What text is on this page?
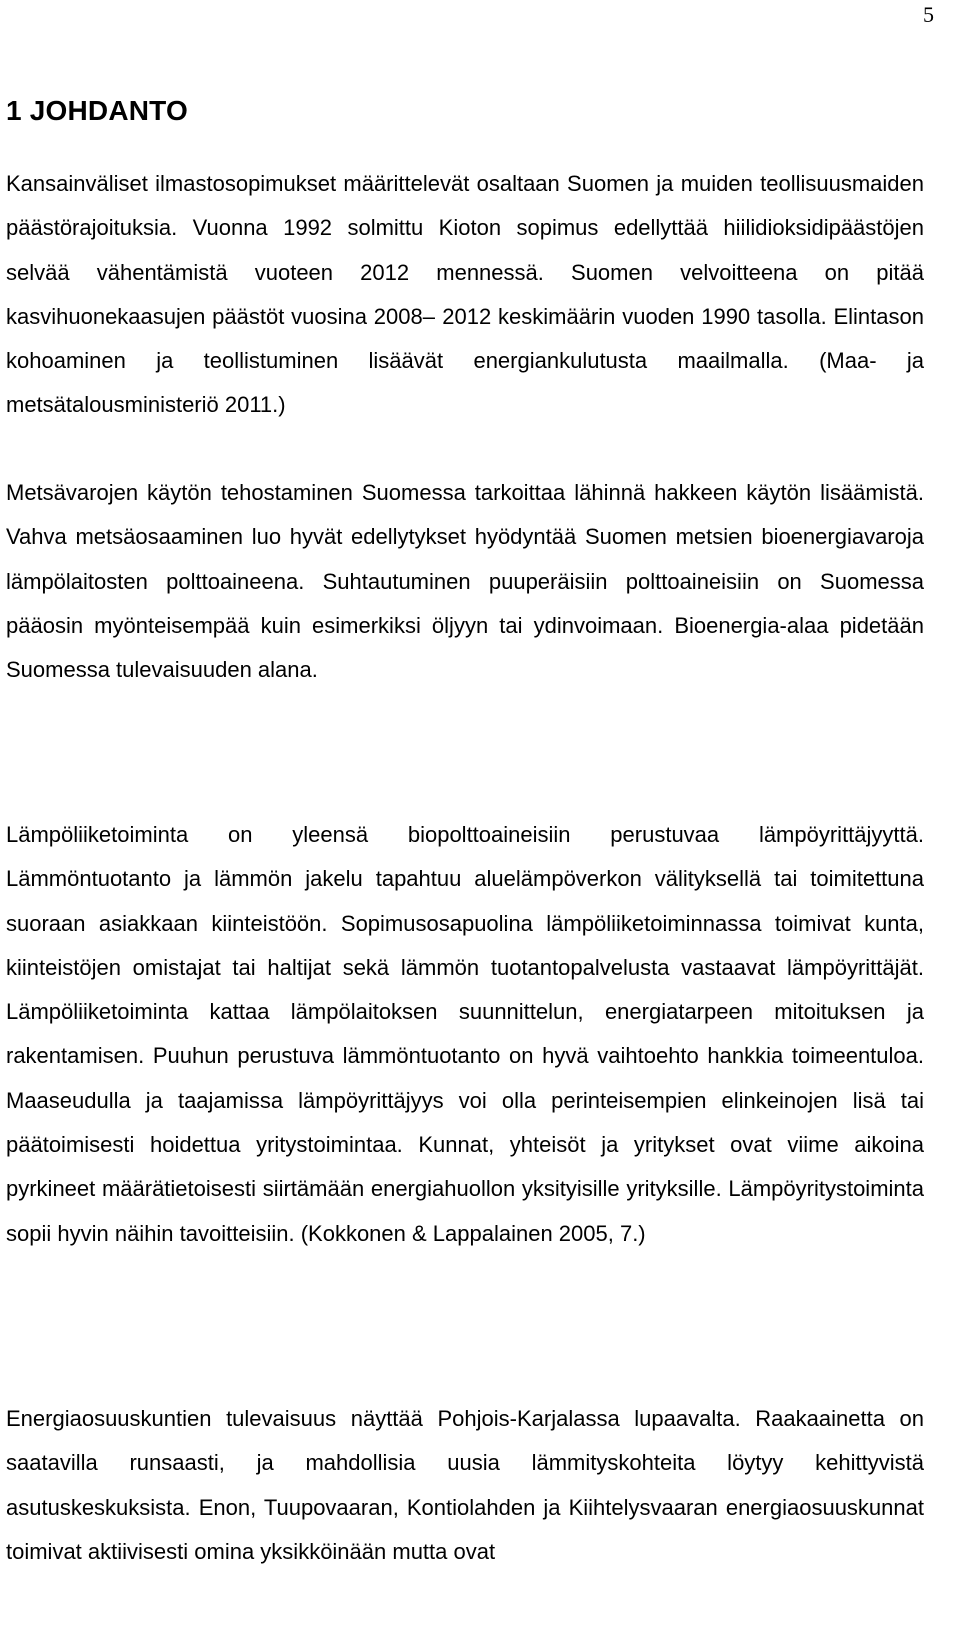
5
1 JOHDANTO

Kansainväliset ilmastosopimukset määrittelevät osaltaan Suomen ja muiden teollisuusmaiden päästörajoituksia. Vuonna 1992 solmittu Kioton sopimus edellyttää hiilidioksidipäästöjen selvää vähentämistä vuoteen 2012 mennessä. Suomen velvoitteena on pitää kasvihuonekaasujen päästöt vuosina 2008– 2012 keskimäärin vuoden 1990 tasolla. Elintason kohoaminen ja teollistuminen lisäävät energiankulutusta maailmalla. (Maa- ja metsätalousministeriö 2011.)

Metsävarojen käytön tehostaminen Suomessa tarkoittaa lähinnä hakkeen käytön lisäämistä. Vahva metsäosaaminen luo hyvät edellytykset hyödyntää Suomen metsien bioenergiavaroja lämpölaitosten polttoaineena. Suhtautuminen puuperäisiin polttoaineisiin on Suomessa pääosin myönteisempää kuin esimerkiksi öljyyn tai ydinvoimaan. Bioenergia-alaa pidetään Suomessa tulevaisuuden alana.

Lämpöliiketoiminta on yleensä biopolttoaineisiin perustuvaa lämpöyrittäjyyttä. Lämmöntuotanto ja lämmön jakelu tapahtuu aluelämpöverkon välityksellä tai toimitettuna suoraan asiakkaan kiinteistöön. Sopimusosapuolina lämpöliiketoiminnassa toimivat kunta, kiinteistöjen omistajat tai haltijat sekä lämmön tuotantopalvelusta vastaavat lämpöyrittäjät. Lämpöliiketoiminta kattaa lämpölaitoksen suunnittelun, energiatarpeen mitoituksen ja rakentamisen. Puuhun perustuva lämmöntuotanto on hyvä vaihtoehto hankkia toimeentuloa. Maaseudulla ja taajamissa lämpöyrittäjyys voi olla perinteisempien elinkeinojen lisä tai päätoimisesti hoidettua yritystoimintaa. Kunnat, yhteisöt ja yritykset ovat viime aikoina pyrkineet määrätietoisesti siirtämään energiahuollon yksityisille yrityksille. Lämpöyritystoiminta sopii hyvin näihin tavoitteisiin. (Kokkonen & Lappalainen 2005, 7.)

Energiaosuuskuntien tulevaisuus näyttää Pohjois-Karjalassa lupaavalta. Raakaainetta on saatavilla runsaasti, ja mahdollisia uusia lämmityskohteita löytyy kehittyvistä asutuskeskuksista. Enon, Tuupovaaran, Kontiolahden ja Kiihtelysvaaran energiaosuuskunnat toimivat aktiivisesti omina yksikköinään mutta ovat
